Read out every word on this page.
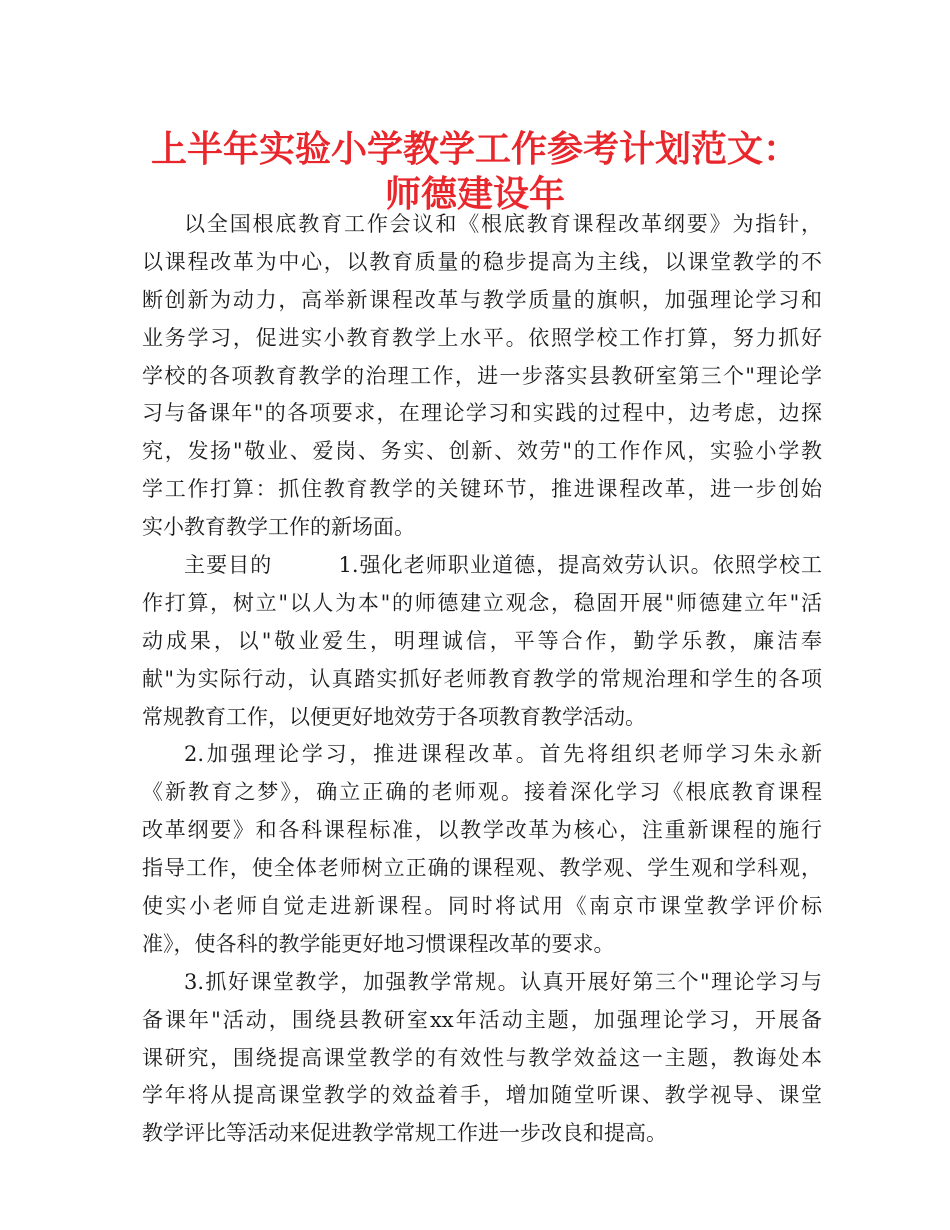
上半年实验小学教学工作参考计划范文：
师德建设年
以全国根底教育工作会议和《根底教育课程改革纲要》为指针，
以课程改革为中心，以教育质量的稳步提高为主线，以课堂教学的不
断创新为动力，高举新课程改革与教学质量的旗帜，加强理论学习和
业务学习，促进实小教育教学上水平。依照学校工作打算，努力抓好
学校的各项教育教学的治理工作，进一步落实县教研室第三个"理论学
习与备课年"的各项要求，在理论学习和实践的过程中，边考虑，边探
究，发扬"敬业、爱岗、务实、创新、效劳"的工作作风，实验小学教
学工作打算：抓住教育教学的关键环节，推进课程改革，进一步创始
实小教育教学工作的新场面。
主要目的　　　1.强化老师职业道德，提高效劳认识。依照学校工
作打算，树立"以人为本"的师德建立观念，稳固开展"师德建立年"活
动成果，以"敬业爱生，明理诚信，平等合作，勤学乐教，廉洁奉
献"为实际行动，认真踏实抓好老师教育教学的常规治理和学生的各项
常规教育工作，以便更好地效劳于各项教育教学活动。
2.加强理论学习，推进课程改革。首先将组织老师学习朱永新
《新教育之梦》，确立正确的老师观。接着深化学习《根底教育课程
改革纲要》和各科课程标准，以教学改革为核心，注重新课程的施行
指导工作，使全体老师树立正确的课程观、教学观、学生观和学科观，
使实小老师自觉走进新课程。同时将试用《南京市课堂教学评价标
准》，使各科的教学能更好地习惯课程改革的要求。
3.抓好课堂教学，加强教学常规。认真开展好第三个"理论学习与
备课年"活动，围绕县教研室xx年活动主题，加强理论学习，开展备
课研究，围绕提高课堂教学的有效性与教学效益这一主题，教诲处本
学年将从提高课堂教学的效益着手，增加随堂听课、教学视导、课堂
教学评比等活动来促进教学常规工作进一步改良和提高。
